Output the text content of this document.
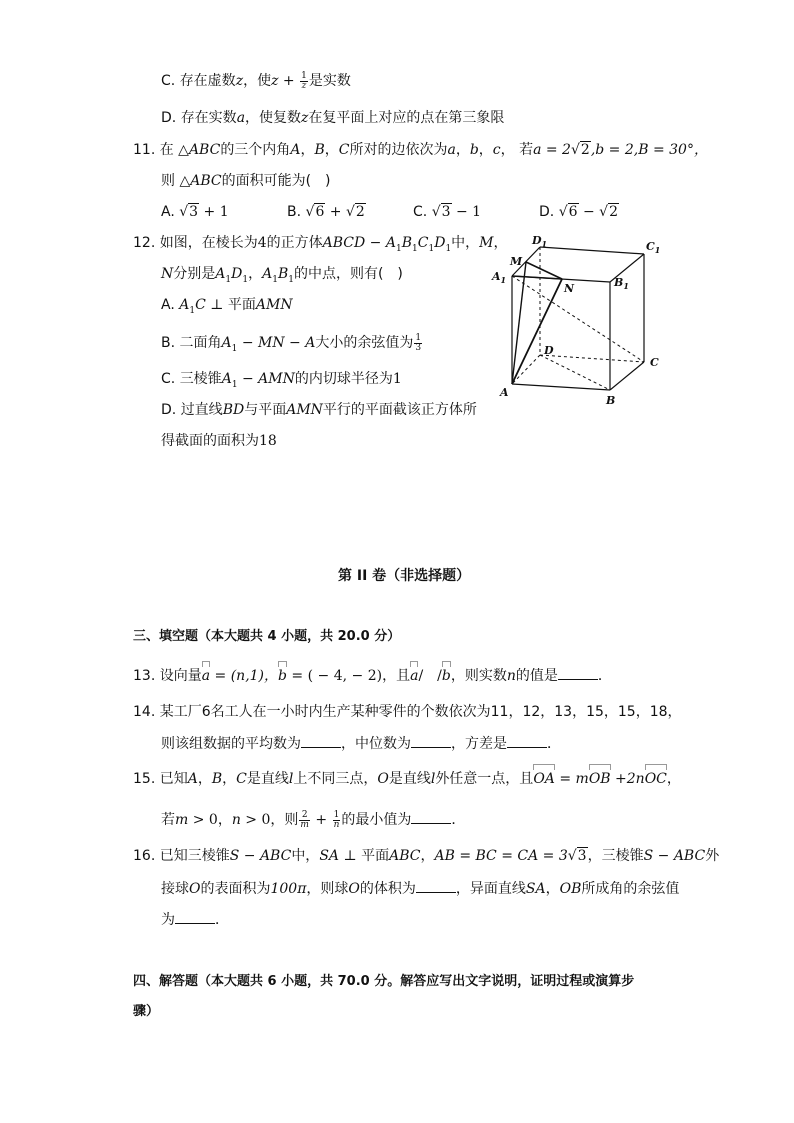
C. 存在虚数z，使$z + \frac{1}{z}$ 是实数
D. 存在实数a，使复数z在复平面上对应的点在第三象限
11. 在 △ABC的三个内角A，B，C所对的边依次为a，b，c， 若a = 2√2,b = 2,B = 30°，
则 △ABC的面积可能为(　)
A. √3 + 1	B. √6 + √2	C. √3 − 1	D. √6 − √2
12. 如图，在棱长为4的正方体ABCD − $A_1B_1C_1D_1$中，M，
N分别是$A_1D_1$，$A_1B_1$的中点，则有(　)
A. $A_1C$ ⊥ 平面AMN
B. 二面角$A_1$ − MN − A大小的余弦值为 $\frac{1}{3}$
C. 三棱锥$A_1$ − AMN的内切球半径为1
D. 过直线BD与平面AMN平行的平面截该正方体所
得截面的面积为18
$D_1$	$C_1$
M
$A_1$
N	$B_1$
D
C
A
B
第 II 卷（非选择题）
三、填空题（本大题共 4 小题，共 20.0 分）
13. 设向量a = (n,1)，b = ( − 4, − 2)，且a/　/b，则实数n的值是	．
14. 某工厂6名工人在一小时内生产某种零件的个数依次为11，12，13，15，15，18，
则该组数据的平均数为	，中位数为	，方差是	．
15. 已知A，B，C是直线l上不同三点，O是直线l外任意一点，且OA = mOB +2nOC，
若m > 0，n > 0，则 $\frac{2}{m} + \frac{1}{n}$ 的最小值为	．
16. 已知三棱锥S − ABC中，SA ⊥ 平面ABC，AB = BC = CA = 3√3，三棱锥S − ABC外
接球O的表面积为100π，则球O的体积为	，异面直线SA，OB所成角的余弦值
为	．
四、解答题（本大题共 6 小题，共 70.0 分。解答应写出文字说明，证明过程或演算步
骤）
